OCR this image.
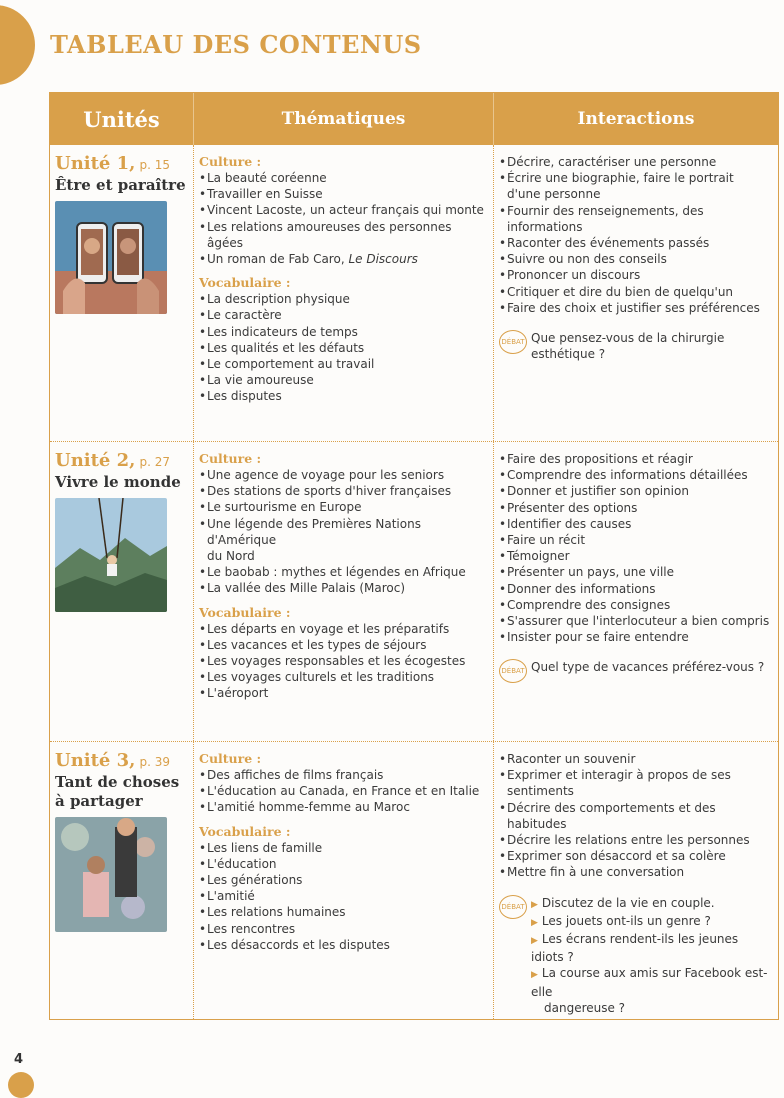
TABLEAU DES CONTENUS
Unités	Thématiques	Interactions
Unité 1, p. 15
Être et paraître
Culture :
• La beauté coréenne
• Travailler en Suisse
• Vincent Lacoste, un acteur français qui monte
• Les relations amoureuses des personnes âgées
• Un roman de Fab Caro, Le Discours
Vocabulaire :
• La description physique
• Le caractère
• Les indicateurs de temps
• Les qualités et les défauts
• Le comportement au travail
• La vie amoureuse
• Les disputes
• Décrire, caractériser une personne
• Écrire une biographie, faire le portrait
d'une personne
• Fournir des renseignements, des informations
• Raconter des événements passés
• Suivre ou non des conseils
• Prononcer un discours
• Critiquer et dire du bien de quelqu'un
• Faire des choix et justifier ses préférences
DÉBAT Que pensez-vous de la chirurgie
esthétique ?
Unité 2, p. 27
Vivre le monde
Culture :
• Une agence de voyage pour les seniors
• Des stations de sports d'hiver françaises
• Le surtourisme en Europe
• Une légende des Premières Nations d'Amérique
du Nord
• Le baobab : mythes et légendes en Afrique
• La vallée des Mille Palais (Maroc)
Vocabulaire :
• Les départs en voyage et les préparatifs
• Les vacances et les types de séjours
• Les voyages responsables et les écogestes
• Les voyages culturels et les traditions
• L'aéroport
• Faire des propositions et réagir
• Comprendre des informations détaillées
• Donner et justifier son opinion
• Présenter des options
• Identifier des causes
• Faire un récit
• Témoigner
• Présenter un pays, une ville
• Donner des informations
• Comprendre des consignes
• S'assurer que l'interlocuteur a bien compris
• Insister pour se faire entendre
DÉBAT Quel type de vacances préférez-vous ?
Unité 3, p. 39
Tant de choses à partager
Culture :
• Des affiches de films français
• L'éducation au Canada, en France et en Italie
• L'amitié homme-femme au Maroc
Vocabulaire :
• Les liens de famille
• L'éducation
• Les générations
• L'amitié
• Les relations humaines
• Les rencontres
• Les désaccords et les disputes
• Raconter un souvenir
• Exprimer et interagir à propos de ses
sentiments
• Décrire des comportements et des habitudes
• Décrire les relations entre les personnes
• Exprimer son désaccord et sa colère
• Mettre fin à une conversation
DÉBAT ▶ Discutez de la vie en couple.
▶ Les jouets ont-ils un genre ?
▶ Les écrans rendent-ils les jeunes idiots ?
▶ La course aux amis sur Facebook est-elle
dangereuse ?
4
